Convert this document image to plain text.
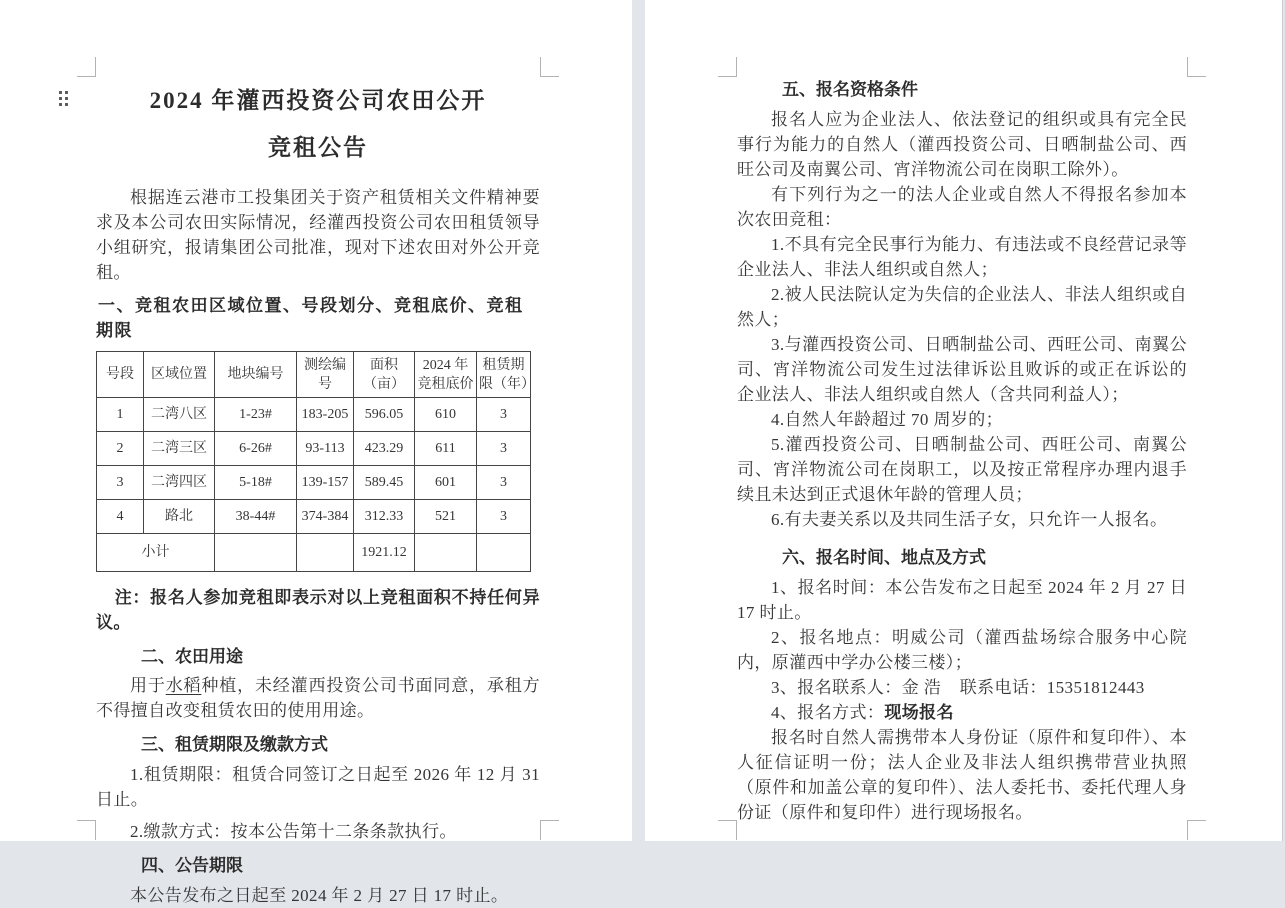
2024 年灌西投资公司农田公开
竞租公告

根据连云港市工投集团关于资产租赁相关文件精神要求及本公司农田实际情况，经灌西投资公司农田租赁领导小组研究，报请集团公司批准，现对下述农田对外公开竞租。

一、竞租农田区域位置、号段划分、竞租底价、竞租期限
号段	区域位置	地块编号	测绘编号	面积（亩）	2024 年竞租底价	租赁期限（年）
1	二湾八区	1-23#	183-205	596.05	610	3
2	二湾三区	6-26#	93-113	423.29	611	3
3	二湾四区	5-18#	139-157	589.45	601	3
4	路北	38-44#	374-384	312.33	521	3
小计				1921.12		

注：报名人参加竞租即表示对以上竞租面积不持任何异议。

二、农田用途

用于水稻种植，未经灌西投资公司书面同意，承租方不得擅自改变租赁农田的使用用途。

三、租赁期限及缴款方式

1.租赁期限：租赁合同签订之日起至 2026 年 12 月 31 日止。

2.缴款方式：按本公告第十二条条款执行。

四、公告期限

本公告发布之日起至 2024 年 2 月 27 日 17 时止。

五、报名资格条件

报名人应为企业法人、依法登记的组织或具有完全民事行为能力的自然人（灌西投资公司、日晒制盐公司、西旺公司及南翼公司、宵洋物流公司在岗职工除外）。

有下列行为之一的法人企业或自然人不得报名参加本次农田竞租：

1.不具有完全民事行为能力、有违法或不良经营记录等企业法人、非法人组织或自然人；

2.被人民法院认定为失信的企业法人、非法人组织或自然人；

3.与灌西投资公司、日晒制盐公司、西旺公司、南翼公司、宵洋物流公司发生过法律诉讼且败诉的或正在诉讼的企业法人、非法人组织或自然人（含共同利益人）；

4.自然人年龄超过 70 周岁的；

5.灌西投资公司、日晒制盐公司、西旺公司、南翼公司、宵洋物流公司在岗职工，以及按正常程序办理内退手续且未达到正式退休年龄的管理人员；

6.有夫妻关系以及共同生活子女，只允许一人报名。

六、报名时间、地点及方式

1、报名时间：本公告发布之日起至 2024 年 2 月 27 日 17 时止。

2、报名地点：明威公司（灌西盐场综合服务中心院内，原灌西中学办公楼三楼）；

3、报名联系人：金 浩    联系电话：15351812443

4、报名方式：现场报名

报名时自然人需携带本人身份证（原件和复印件）、本人征信证明一份；法人企业及非法人组织携带营业执照（原件和加盖公章的复印件）、法人委托书、委托代理人身份证（原件和复印件）进行现场报名。
